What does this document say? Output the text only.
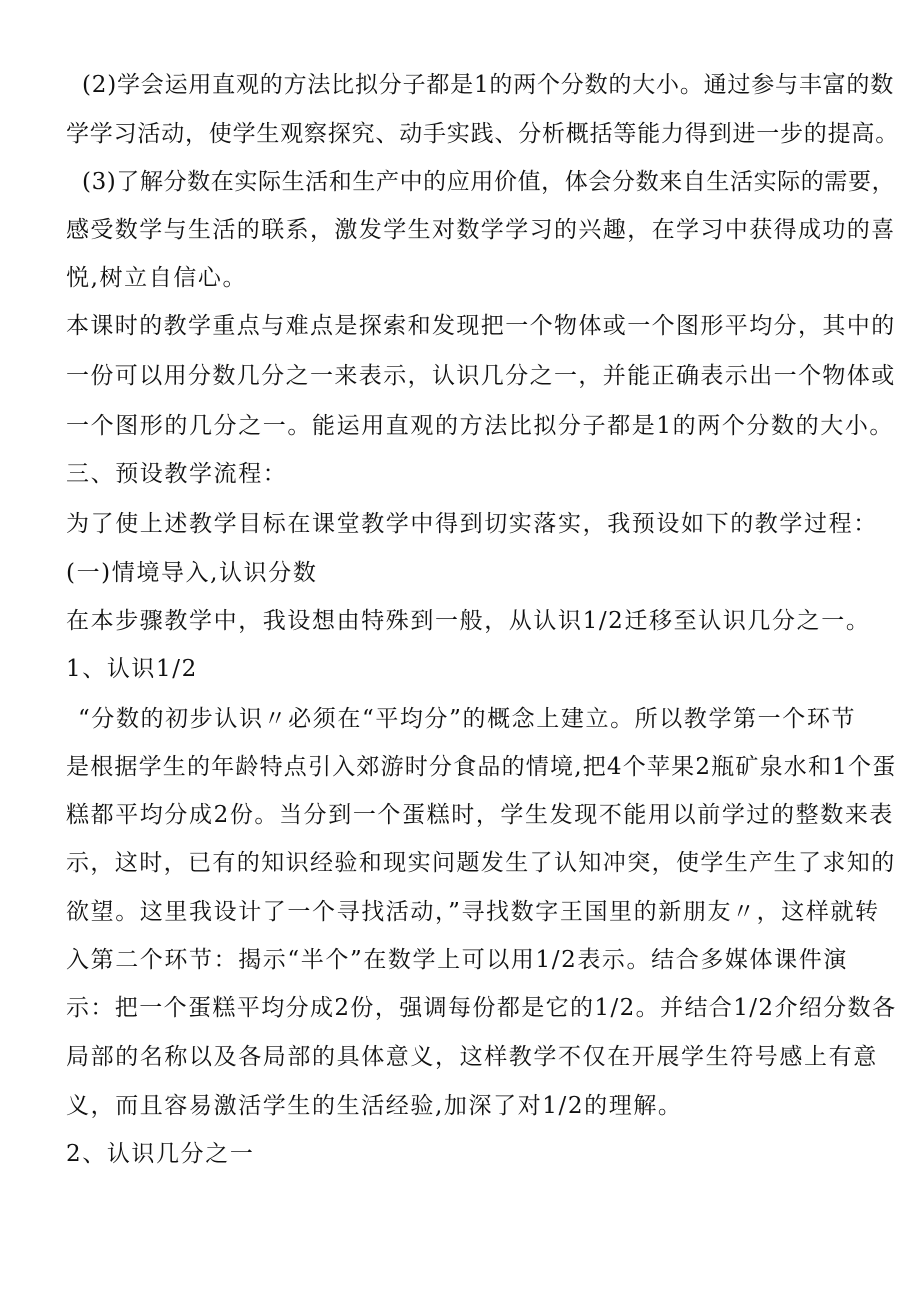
(2)学会运用直观的方法比拟分子都是1的两个分数的大小。通过参与丰富的数
学学习活动，使学生观察探究、动手实践、分析概括等能力得到进一步的提高。
(3)了解分数在实际生活和生产中的应用价值，体会分数来自生活实际的需要，
感受数学与生活的联系，激发学生对数学学习的兴趣，在学习中获得成功的喜
悦,树立自信心。
本课时的教学重点与难点是探索和发现把一个物体或一个图形平均分，其中的
一份可以用分数几分之一来表示，认识几分之一，并能正确表示出一个物体或
一个图形的几分之一。能运用直观的方法比拟分子都是1的两个分数的大小。
三、预设教学流程：
为了使上述教学目标在课堂教学中得到切实落实，我预设如下的教学过程：
(一)情境导入,认识分数
在本步骤教学中，我设想由特殊到一般，从认识1/2迁移至认识几分之一。
1、认识1/2
“分数的初步认识〃必须在“平均分”的概念上建立。所以教学第一个环节
是根据学生的年龄特点引入郊游时分食品的情境,把4个苹果2瓶矿泉水和1个蛋
糕都平均分成2份。当分到一个蛋糕时，学生发现不能用以前学过的整数来表
示，这时，已有的知识经验和现实问题发生了认知冲突，使学生产生了求知的
欲望。这里我设计了一个寻找活动，”寻找数字王国里的新朋友〃，这样就转
入第二个环节：揭示“半个”在数学上可以用1/2表示。结合多媒体课件演
示：把一个蛋糕平均分成2份，强调每份都是它的1/2。并结合1/2介绍分数各
局部的名称以及各局部的具体意义，这样教学不仅在开展学生符号感上有意
义，而且容易激活学生的生活经验,加深了对1/2的理解。
2、认识几分之一
